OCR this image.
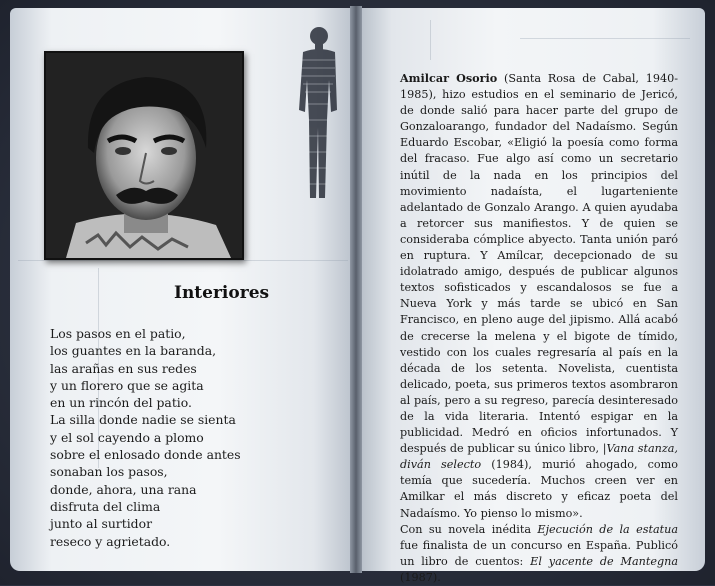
Interiores
Los pasos en el patio,
los guantes en la baranda,
las arañas en sus redes
y un florero que se agita
en un rincón del patio.
La silla donde nadie se sienta
y el sol cayendo a plomo
sobre el enlosado donde antes
sonaban los pasos,
donde, ahora, una rana
disfruta del clima
junto al surtidor
reseco y agrietado.

Amilcar Osorio (Santa Rosa de Cabal, 1940-1985), hizo estudios en el seminario de Jericó, de donde salió para hacer parte del grupo de Gonzaloarango, fundador del Nadaísmo. Según Eduardo Escobar, «Eligió la poesía como forma del fracaso. Fue algo así como un secretario inútil de la nada en los principios del movimiento nadaísta, el lugarteniente adelantado de Gonzalo Arango. A quien ayudaba a retorcer sus manifiestos. Y de quien se consideraba cómplice abyecto. Tanta unión paró en ruptura. Y Amílcar, decepcionado de su idolatrado amigo, después de publicar algunos textos sofisticados y escandalosos se fue a Nueva York y más tarde se ubicó en San Francisco, en pleno auge del jipismo. Allá acabó de crecerse la melena y el bigote de tímido, vestido con los cuales regresaría al país en la década de los setenta. Novelista, cuentista delicado, poeta, sus primeros textos asombraron al país, pero a su regreso, parecía desinteresado de la vida literaria. Intentó espigar en la publicidad. Medró en oficios infortunados. Y después de publicar su único libro, |Vana stanza, diván selecto (1984), murió ahogado, como temía que sucedería. Muchos creen ver en Amilkar el más discreto y eficaz poeta del Nadaísmo. Yo pienso lo mismo».

Con su novela inédita Ejecución de la estatua fue finalista de un concurso en España. Publicó un libro de cuentos: El yacente de Mantegna (1987).
